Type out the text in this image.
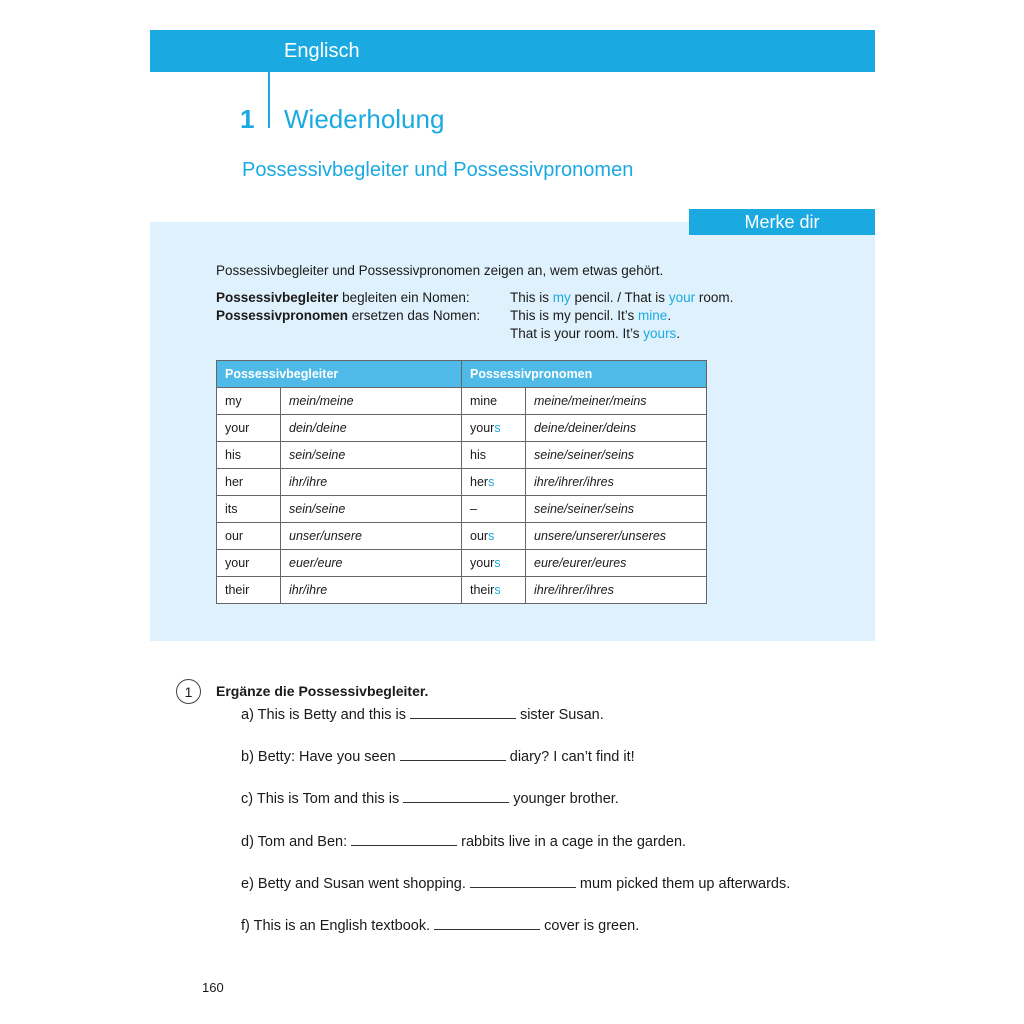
Englisch
1 Wiederholung
Possessivbegleiter und Possessivpronomen
Merke dir
Possessivbegleiter und Possessivpronomen zeigen an, wem etwas gehört.
Possessivbegleiter begleiten ein Nomen:
Possessivpronomen ersetzen das Nomen:
This is my pencil. / That is your room.
This is my pencil. It’s mine.
That is your room. It’s yours.
Possessivbegleiter		Possessivpronomen	
my	mein/meine	mine	meine/meiner/meins
your	dein/deine	yours	deine/deiner/deins
his	sein/seine	his	seine/seiner/seins
her	ihr/ihre	hers	ihre/ihrer/ihres
its	sein/seine	–	seine/seiner/seins
our	unser/unsere	ours	unsere/unserer/unseres
your	euer/eure	yours	eure/eurer/eures
their	ihr/ihre	theirs	ihre/ihrer/ihres
1	Ergänze die Possessivbegleiter.
a) This is Betty and this is	sister Susan.
b) Betty: Have you seen	diary? I can’t find it!
c) This is Tom and this is	younger brother.
d) Tom and Ben:	rabbits live in a cage in the garden.
e) Betty and Susan went shopping.	mum picked them up afterwards.
f) This is an English textbook.	cover is green.
160
